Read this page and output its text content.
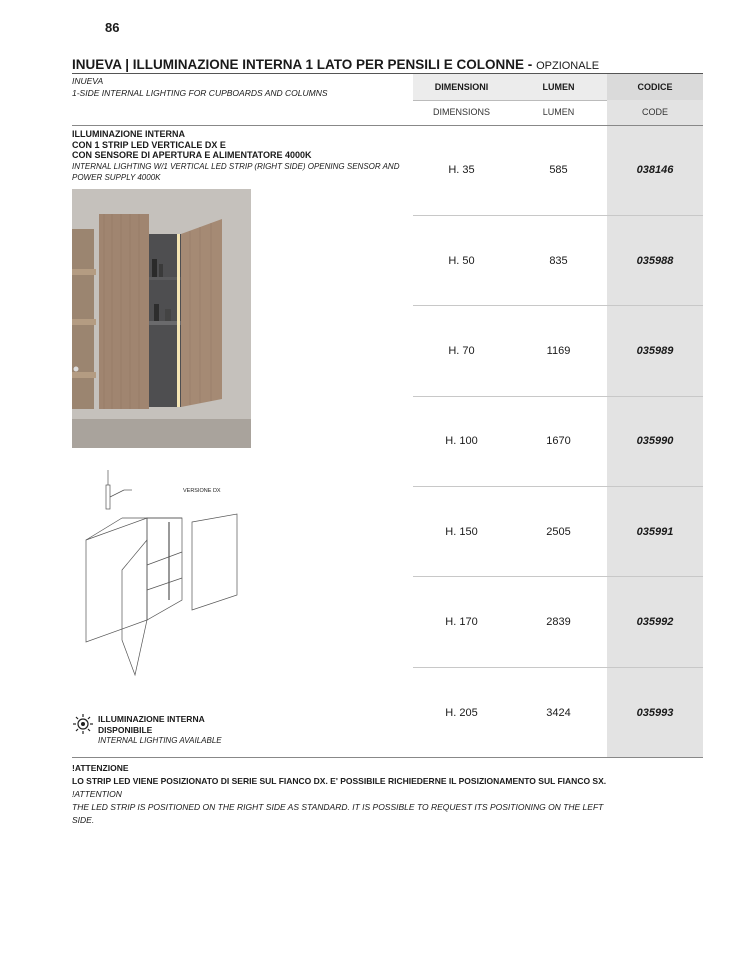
86
INUEVA | ILLUMINAZIONE INTERNA 1 LATO PER PENSILI E COLONNE - OPZIONALE
INUEVA
1-SIDE INTERNAL LIGHTING FOR CUPBOARDS AND COLUMNS
DIMENSIONI	LUMEN	CODICE
DIMENSIONS	LUMEN	CODE
H. 35	585	038146
H. 50	835	035988
H. 70	1169	035989
H. 100	1670	035990
H. 150	2505	035991
H. 170	2839	035992
H. 205	3424	035993
ILLUMINAZIONE INTERNA
CON 1 STRIP LED VERTICALE DX E
CON SENSORE DI APERTURA E ALIMENTATORE 4000K
INTERNAL LIGHTING W/1 VERTICAL LED STRIP (RIGHT SIDE) OPENING SENSOR AND POWER SUPPLY 4000K
VERSIONE DX
ILLUMINAZIONE INTERNA DISPONIBILE
INTERNAL LIGHTING AVAILABLE
!ATTENZIONE
LO STRIP LED VIENE POSIZIONATO DI SERIE SUL FIANCO DX. E' POSSIBILE RICHIEDERNE IL POSIZIONAMENTO SUL FIANCO SX.
!ATTENTION
THE LED STRIP IS POSITIONED ON THE RIGHT SIDE AS STANDARD. IT IS POSSIBLE TO REQUEST ITS POSITIONING ON THE LEFT SIDE.
